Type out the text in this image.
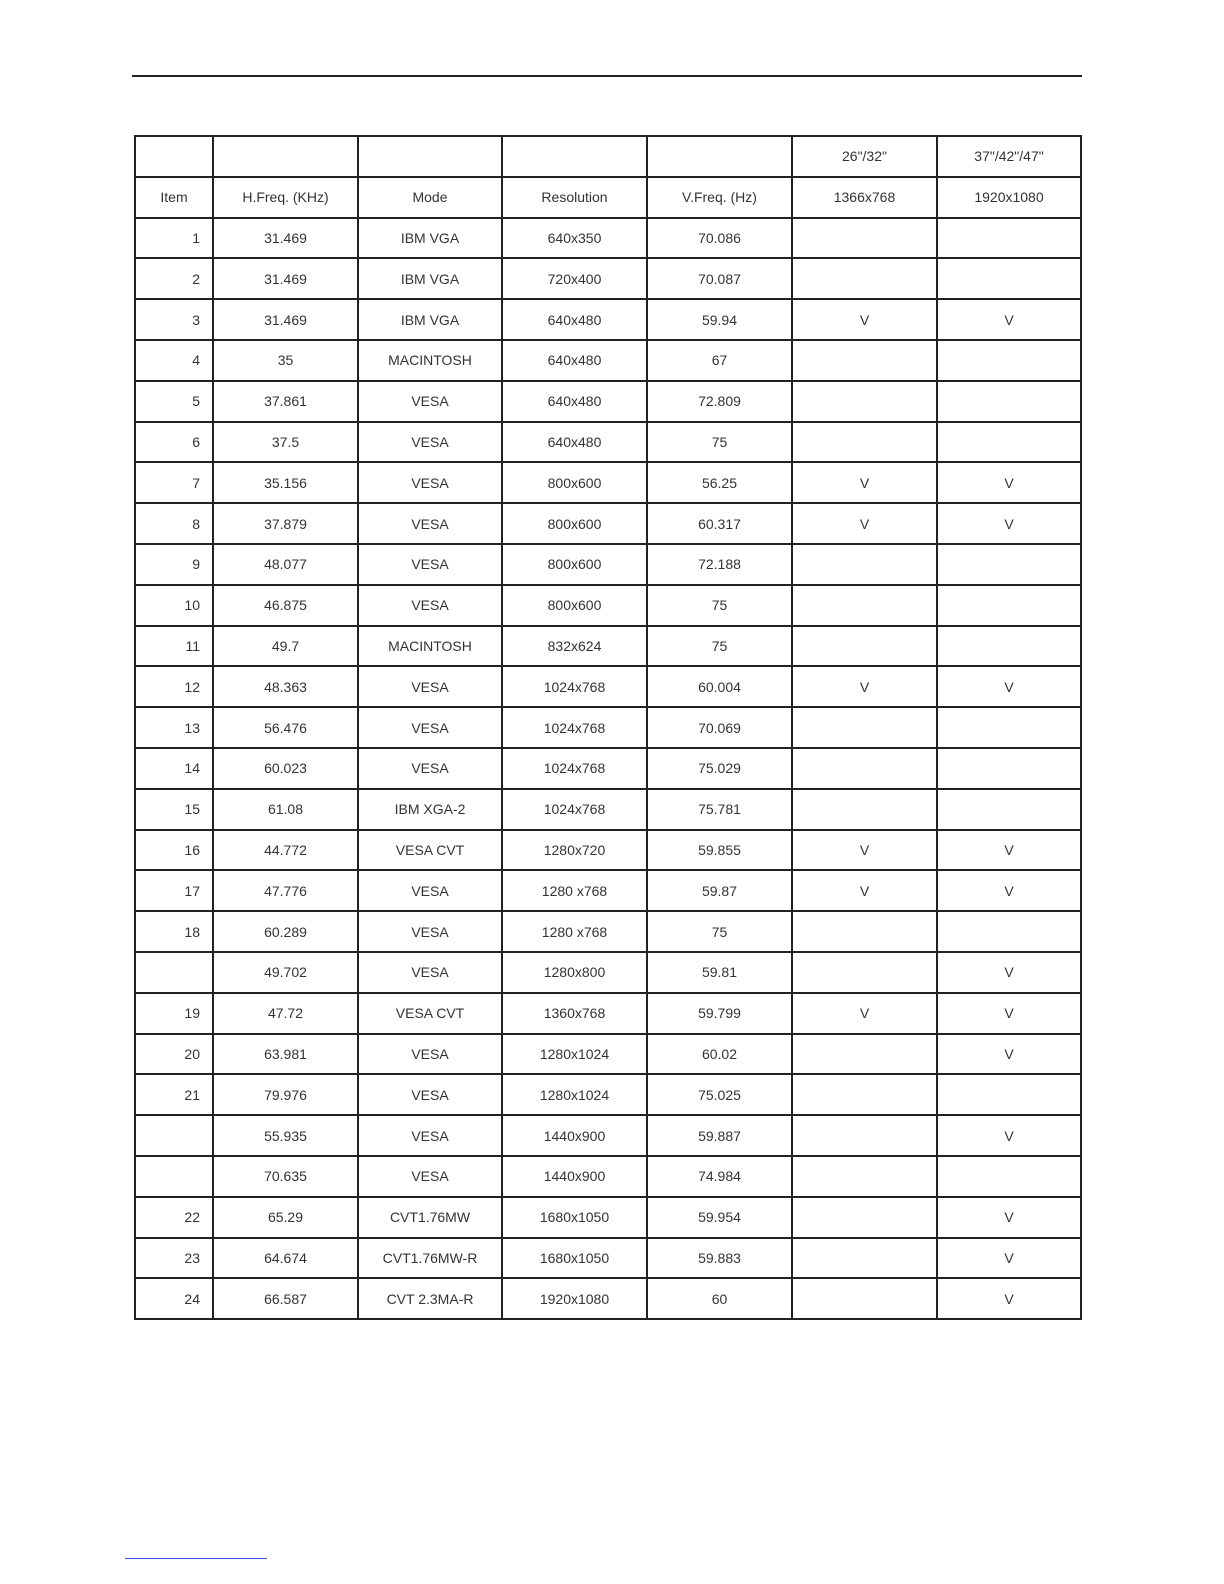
					26"/32"	37"/42"/47"
Item	H.Freq. (KHz)	Mode	Resolution	V.Freq. (Hz)	1366x768	1920x1080
1	31.469	IBM VGA	640x350	70.086		
2	31.469	IBM VGA	720x400	70.087		
3	31.469	IBM VGA	640x480	59.94	V	V
4	35	MACINTOSH	640x480	67		
5	37.861	VESA	640x480	72.809		
6	37.5	VESA	640x480	75		
7	35.156	VESA	800x600	56.25	V	V
8	37.879	VESA	800x600	60.317	V	V
9	48.077	VESA	800x600	72.188		
10	46.875	VESA	800x600	75		
11	49.7	MACINTOSH	832x624	75		
12	48.363	VESA	1024x768	60.004	V	V
13	56.476	VESA	1024x768	70.069		
14	60.023	VESA	1024x768	75.029		
15	61.08	IBM XGA-2	1024x768	75.781		
16	44.772	VESA CVT	1280x720	59.855	V	V
17	47.776	VESA	1280 x768	59.87	V	V
18	60.289	VESA	1280 x768	75		
	49.702	VESA	1280x800	59.81		V
19	47.72	VESA CVT	1360x768	59.799	V	V
20	63.981	VESA	1280x1024	60.02		V
21	79.976	VESA	1280x1024	75.025		
	55.935	VESA	1440x900	59.887		V
	70.635	VESA	1440x900	74.984		
22	65.29	CVT1.76MW	1680x1050	59.954		V
23	64.674	CVT1.76MW-R	1680x1050	59.883		V
24	66.587	CVT 2.3MA-R	1920x1080	60		V
